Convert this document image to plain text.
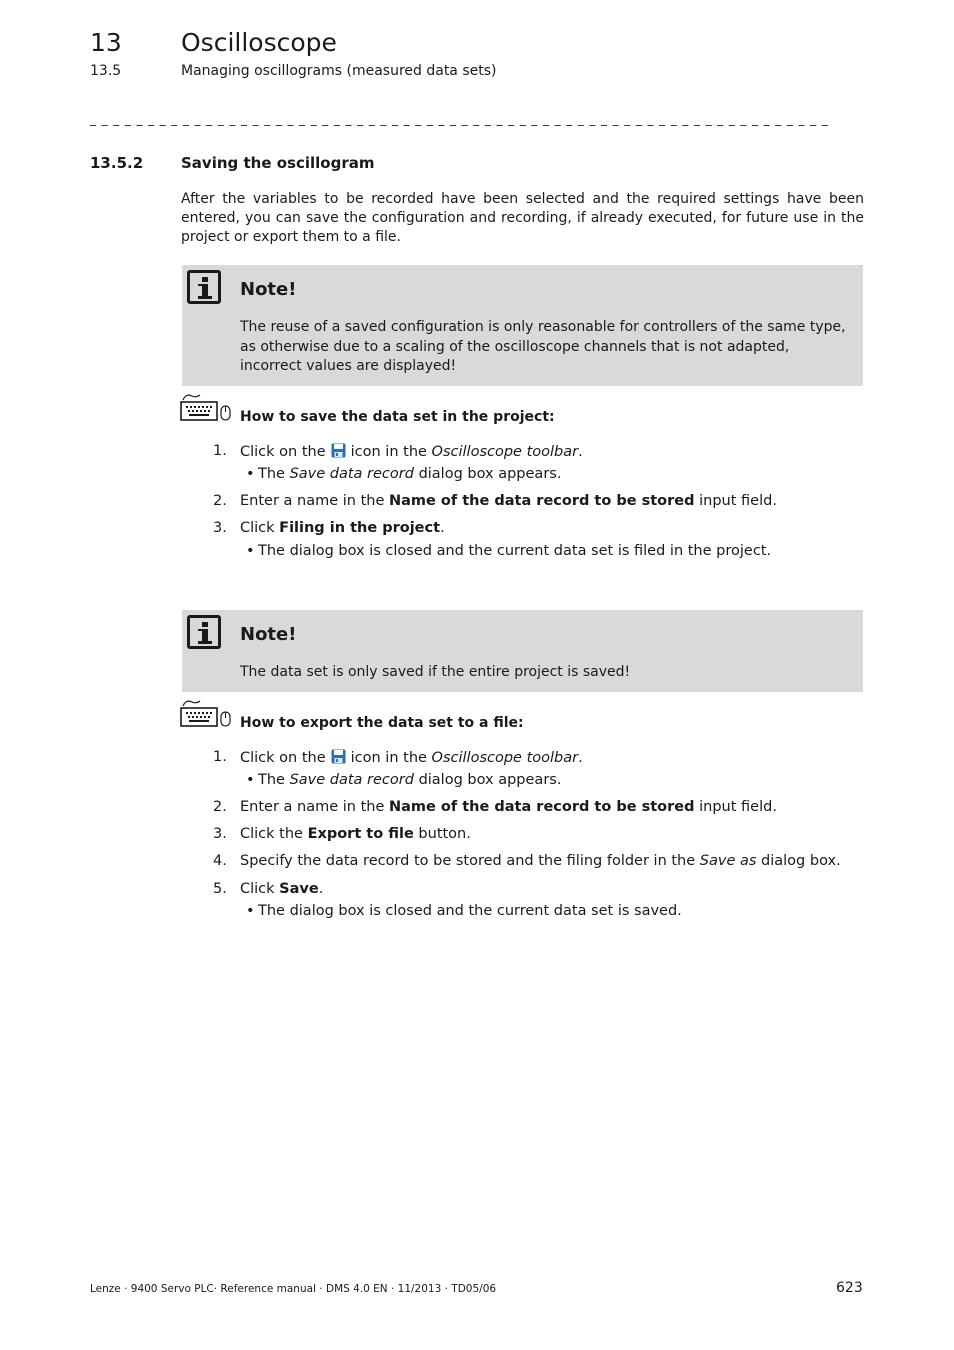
13 Oscilloscope
13.5	Managing oscillograms (measured data sets)
_ _ _ _ _ _ _ _ _ _ _ _ _ _ _ _ _ _ _ _ _ _ _ _ _ _ _ _ _ _ _ _ _ _ _ _ _ _ _ _ _ _ _ _ _ _ _ _ _ _ _ _ _ _ _ _ _ _ _ _ _ _ _ _
13.5.2	Saving the oscillogram
After the variables to be recorded have been selected and the required settings have been entered, you can save the configuration and recording, if already executed, for future use in the project or export them to a file.
Note!
The reuse of a saved configuration is only reasonable for controllers of the same type, as otherwise due to a scaling of the oscilloscope channels that is not adapted, incorrect values are displayed!
How to save the data set in the project:
1. Click on the icon in the Oscilloscope toolbar.
• The Save data record dialog box appears.
2. Enter a name in the Name of the data record to be stored input field.
3. Click Filing in the project.
• The dialog box is closed and the current data set is filed in the project.
Note!
The data set is only saved if the entire project is saved!
How to export the data set to a file:
1. Click on the icon in the Oscilloscope toolbar.
• The Save data record dialog box appears.
2. Enter a name in the Name of the data record to be stored input field.
3. Click the Export to file button.
4. Specify the data record to be stored and the filing folder in the Save as dialog box.
5. Click Save.
• The dialog box is closed and the current data set is saved.
Lenze · 9400 Servo PLC· Reference manual · DMS 4.0 EN · 11/2013 · TD05/06	623
